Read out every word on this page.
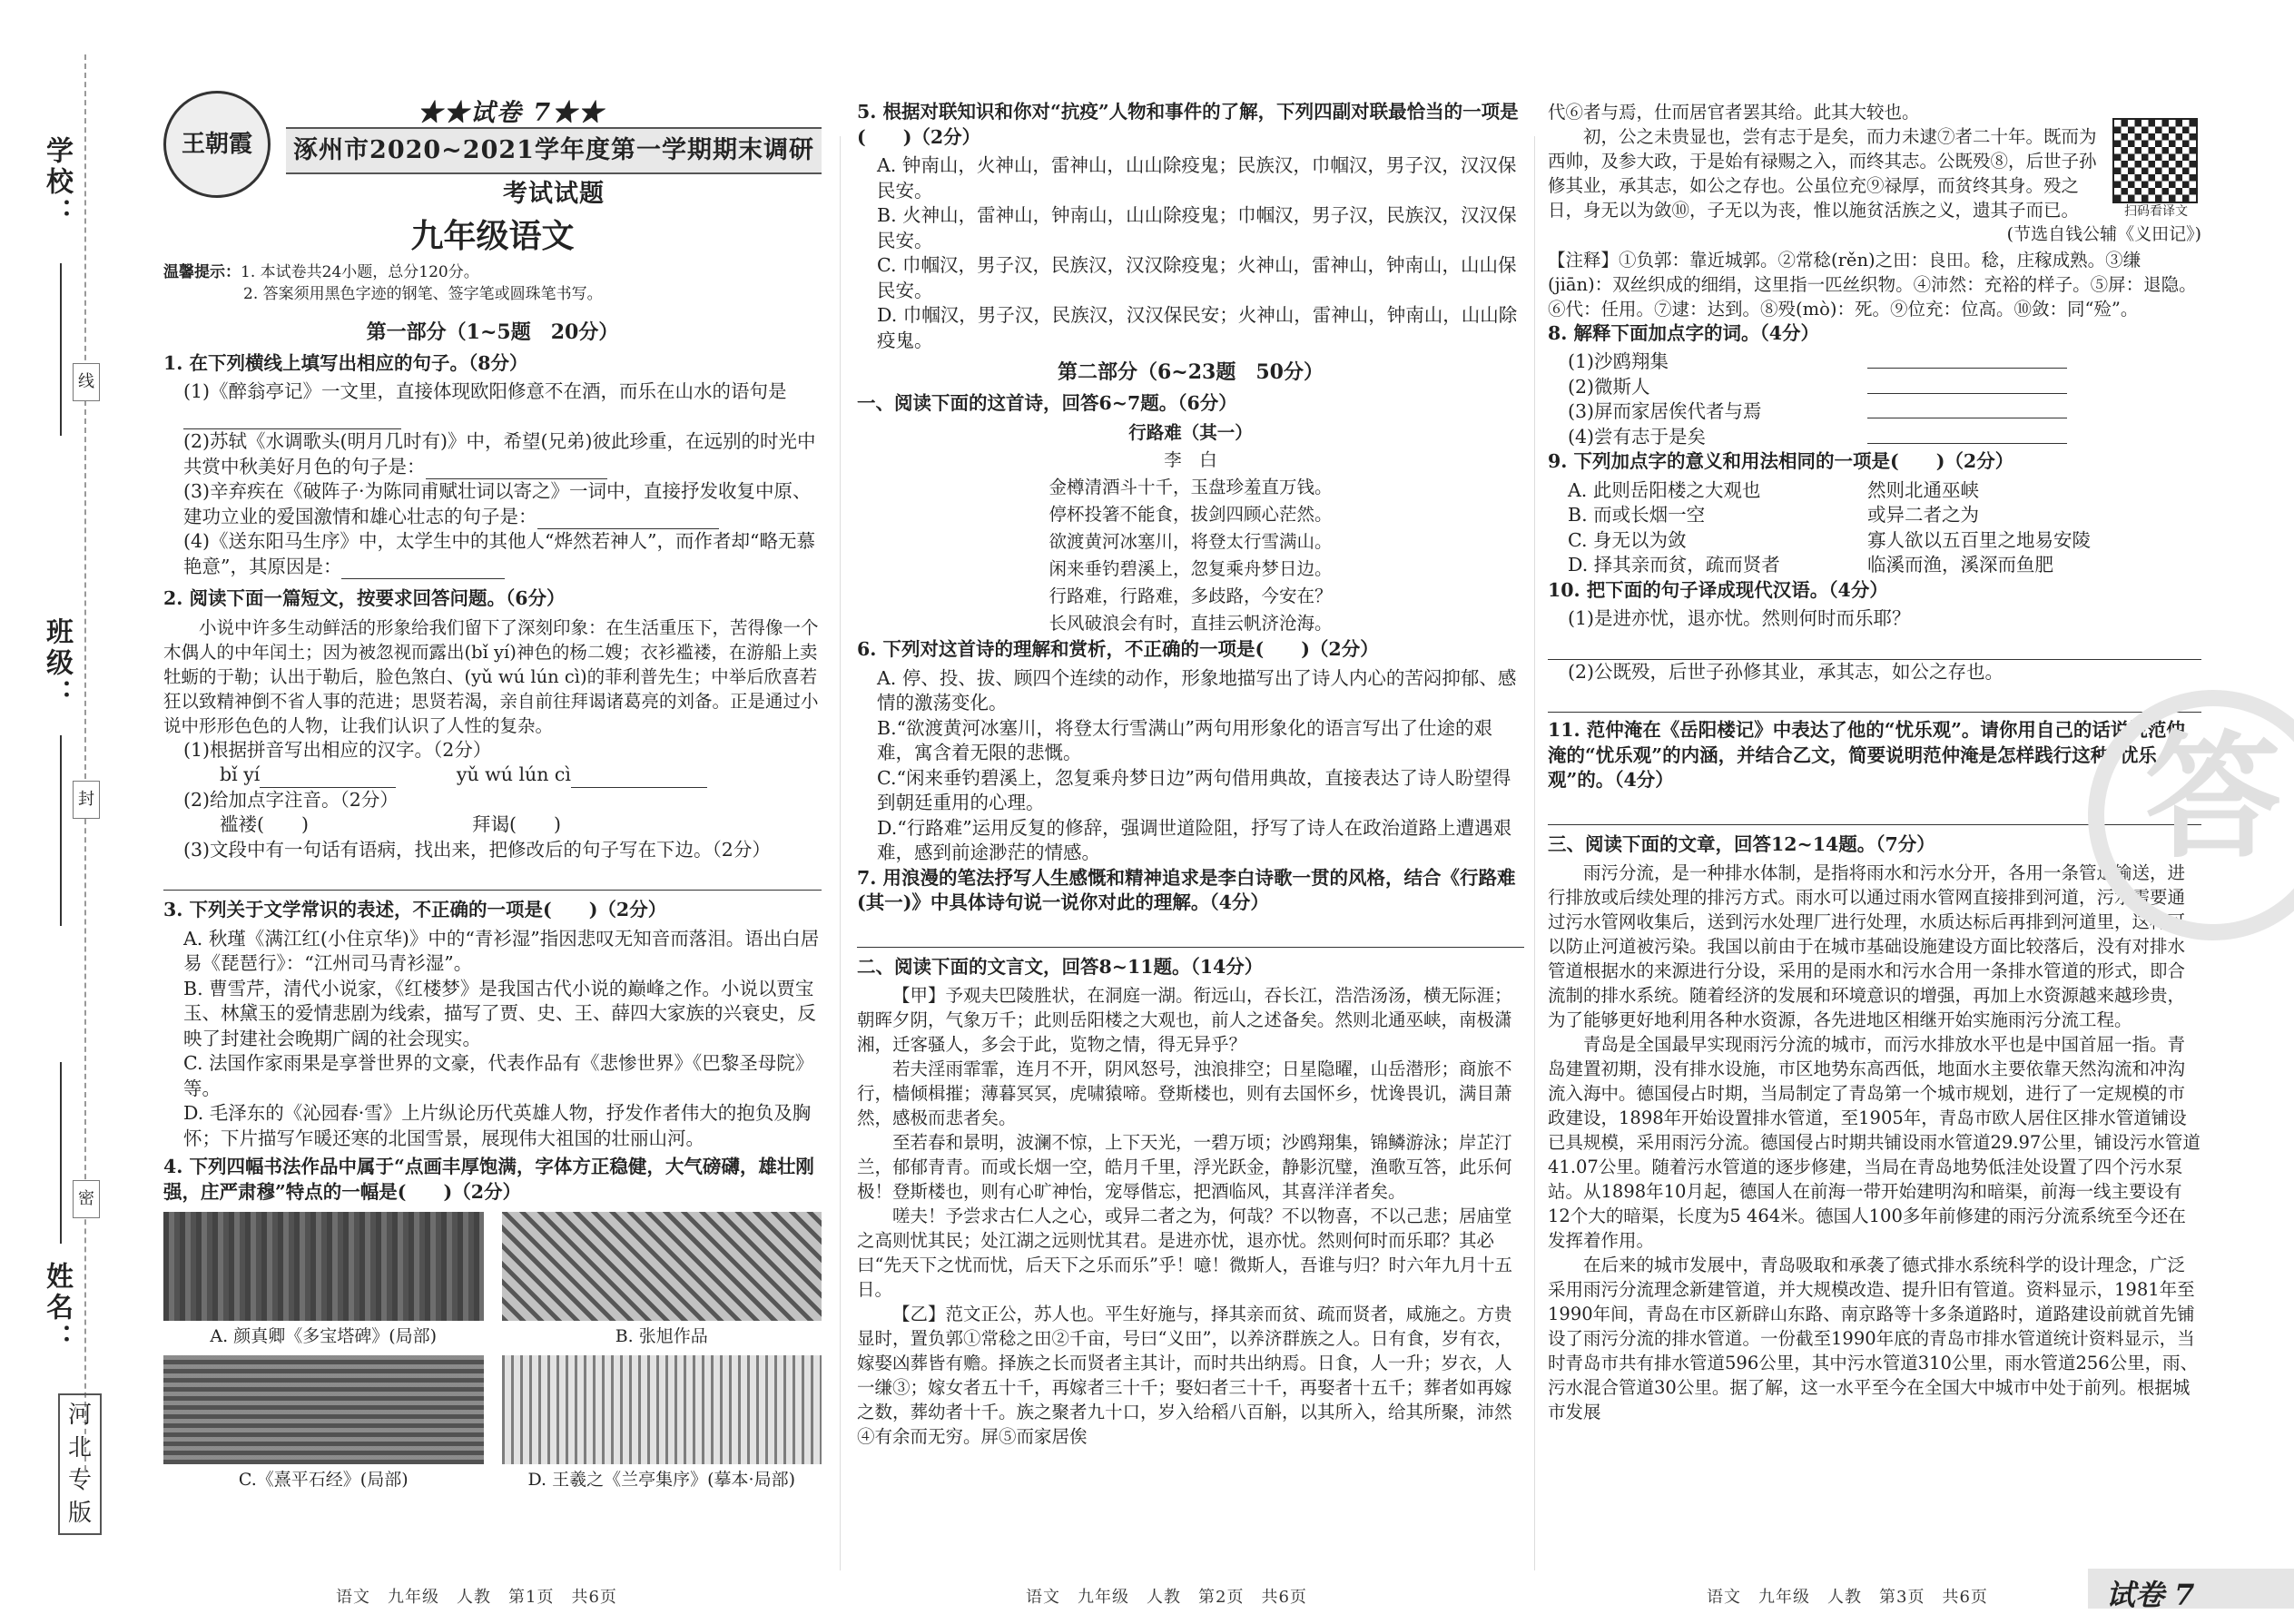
学校：
线
班级：
封
密
姓名：
河北专版
王朝霞
★★试卷 7★★
涿州市2020~2021学年度第一学期期末调研考试试题
九年级语文
温馨提示：1. 本试卷共24小题，总分120分。
2. 答案须用黑色字迹的钢笔、签字笔或圆珠笔书写。
第一部分（1~5题　20分）
1. 在下列横线上填写出相应的句子。（8分）
(1)《醉翁亭记》一文里，直接体现欧阳修意不在酒，而乐在山水的语句是
(2)苏轼《水调歌头(明月几时有)》中，希望(兄弟)彼此珍重，在远别的时光中共赏中秋美好月色的句子是：
(3)辛弃疾在《破阵子·为陈同甫赋壮词以寄之》一词中，直接抒发收复中原、建功立业的爱国激情和雄心壮志的句子是：
(4)《送东阳马生序》中，太学生中的其他人“烨然若神人”，而作者却“略无慕艳意”，其原因是：
2. 阅读下面一篇短文，按要求回答问题。（6分）
小说中许多生动鲜活的形象给我们留下了深刻印象：在生活重压下，苦得像一个木偶人的中年闰土；因为被忽视而露出(bǐ yí)神色的杨二嫂；衣衫褴褛，在游船上卖牡蛎的于勒；认出于勒后，脸色煞白、(yǔ wú lún cì)的菲利普先生；中举后欣喜若狂以致精神倒不省人事的范进；思贤若渴，亲自前往拜谒诸葛亮的刘备。正是通过小说中形形色色的人物，让我们认识了人性的复杂。
(1)根据拼音写出相应的汉字。（2分）
bǐ yí	yǔ wú lún cì
(2)给加点字注音。（2分）
褴褛(　　)	拜谒(　　)
(3)文段中有一句话有语病，找出来，把修改后的句子写在下边。（2分）
3. 下列关于文学常识的表述，不正确的一项是(　　)（2分）
A. 秋瑾《满江红(小住京华)》中的“青衫湿”指因悲叹无知音而落泪。语出白居易《琵琶行》：“江州司马青衫湿”。
B. 曹雪芹，清代小说家，《红楼梦》是我国古代小说的巅峰之作。小说以贾宝玉、林黛玉的爱情悲剧为线索，描写了贾、史、王、薛四大家族的兴衰史，反映了封建社会晚期广阔的社会现实。
C. 法国作家雨果是享誉世界的文豪，代表作品有《悲惨世界》《巴黎圣母院》等。
D. 毛泽东的《沁园春·雪》上片纵论历代英雄人物，抒发作者伟大的抱负及胸怀；下片描写乍暖还寒的北国雪景，展现伟大祖国的壮丽山河。
4. 下列四幅书法作品中属于“点画丰厚饱满，字体方正稳健，大气磅礴，雄壮刚强，庄严肃穆”特点的一幅是(　　)（2分）
A. 颜真卿《多宝塔碑》(局部)	B. 张旭作品
C.《熹平石经》(局部)	D. 王羲之《兰亭集序》(摹本·局部)
5. 根据对联知识和你对“抗疫”人物和事件的了解，下列四副对联最恰当的一项是(　　)（2分）
A. 钟南山，火神山，雷神山，山山除疫鬼；民族汉，巾帼汉，男子汉，汉汉保民安。
B. 火神山，雷神山，钟南山，山山除疫鬼；巾帼汉，男子汉，民族汉，汉汉保民安。
C. 巾帼汉，男子汉，民族汉，汉汉除疫鬼；火神山，雷神山，钟南山，山山保民安。
D. 巾帼汉，男子汉，民族汉，汉汉保民安；火神山，雷神山，钟南山，山山除疫鬼。
第二部分（6~23题　50分）
一、阅读下面的这首诗，回答6~7题。（6分）
行路难（其一）
李　白
金樽清酒斗十千，玉盘珍羞直万钱。
停杯投箸不能食，拔剑四顾心茫然。
欲渡黄河冰塞川，将登太行雪满山。
闲来垂钓碧溪上，忽复乘舟梦日边。
行路难，行路难，多歧路，今安在？
长风破浪会有时，直挂云帆济沧海。
6. 下列对这首诗的理解和赏析，不正确的一项是(　　)（2分）
A. 停、投、拔、顾四个连续的动作，形象地描写出了诗人内心的苦闷抑郁、感情的激荡变化。
B.“欲渡黄河冰塞川，将登太行雪满山”两句用形象化的语言写出了仕途的艰难，寓含着无限的悲慨。
C.“闲来垂钓碧溪上，忽复乘舟梦日边”两句借用典故，直接表达了诗人盼望得到朝廷重用的心理。
D.“行路难”运用反复的修辞，强调世道险阻，抒写了诗人在政治道路上遭遇艰难，感到前途渺茫的情感。
7. 用浪漫的笔法抒写人生感慨和精神追求是李白诗歌一贯的风格，结合《行路难(其一)》中具体诗句说一说你对此的理解。（4分）
二、阅读下面的文言文，回答8~11题。（14分）
【甲】予观夫巴陵胜状，在洞庭一湖。衔远山，吞长江，浩浩汤汤，横无际涯；朝晖夕阴，气象万千；此则岳阳楼之大观也，前人之述备矣。然则北通巫峡，南极潇湘，迁客骚人，多会于此，览物之情，得无异乎？
若夫淫雨霏霏，连月不开，阴风怒号，浊浪排空；日星隐曜，山岳潜形；商旅不行，樯倾楫摧；薄暮冥冥，虎啸猿啼。登斯楼也，则有去国怀乡，忧谗畏讥，满目萧然，感极而悲者矣。
至若春和景明，波澜不惊，上下天光，一碧万顷；沙鸥翔集，锦鳞游泳；岸芷汀兰，郁郁青青。而或长烟一空，皓月千里，浮光跃金，静影沉璧，渔歌互答，此乐何极！登斯楼也，则有心旷神怡，宠辱偕忘，把酒临风，其喜洋洋者矣。
嗟夫！予尝求古仁人之心，或异二者之为，何哉？不以物喜，不以己悲；居庙堂之高则忧其民；处江湖之远则忧其君。是进亦忧，退亦忧。然则何时而乐耶？其必曰“先天下之忧而忧，后天下之乐而乐”乎！噫！微斯人，吾谁与归？时六年九月十五日。
【乙】范文正公，苏人也。平生好施与，择其亲而贫、疏而贤者，咸施之。方贵显时，置负郭①常稔之田②千亩，号曰“义田”，以养济群族之人。日有食，岁有衣，嫁娶凶葬皆有赡。择族之长而贤者主其计，而时共出纳焉。日食，人一升；岁衣，人一缣③；嫁女者五十千，再嫁者三十千；娶妇者三十千，再娶者十五千；葬者如再嫁之数，葬幼者十千。族之聚者九十口，岁入给稻八百斛，以其所入，给其所聚，沛然④有余而无穷。屏⑤而家居俟
代⑥者与焉，仕而居官者罢其给。此其大较也。
初，公之未贵显也，尝有志于是矣，而力未逮⑦者二十年。既而为西帅，及参大政，于是始有禄赐之入，而终其志。公既殁⑧，后世子孙修其业，承其志，如公之存也。公虽位充⑨禄厚，而贫终其身。殁之日，身无以为敛⑩，子无以为丧，惟以施贫活族之义，遗其子而已。
(节选自钱公辅《义田记》)
【注释】①负郭：靠近城郭。②常稔(rěn)之田：良田。稔，庄稼成熟。③缣(jiān)：双丝织成的细绢，这里指一匹丝织物。④沛然：充裕的样子。⑤屏：退隐。⑥代：任用。⑦逮：达到。⑧殁(mò)：死。⑨位充：位高。⑩敛：同“殓”。
8. 解释下面加点字的词。（4分）
(1)沙鸥翔集
(2)微斯人
(3)屏而家居俟代者与焉
(4)尝有志于是矣
9. 下列加点字的意义和用法相同的一项是(　　)（2分）
A. 此则岳阳楼之大观也	然则北通巫峡
B. 而或长烟一空	或异二者之为
C. 身无以为敛	寡人欲以五百里之地易安陵
D. 择其亲而贫，疏而贤者	临溪而渔，溪深而鱼肥
10. 把下面的句子译成现代汉语。（4分）
(1)是进亦忧，退亦忧。然则何时而乐耶？
(2)公既殁，后世子孙修其业，承其志，如公之存也。
11. 范仲淹在《岳阳楼记》中表达了他的“忧乐观”。请你用自己的话说说范仲淹的“忧乐观”的内涵，并结合乙文，简要说明范仲淹是怎样践行这种“忧乐观”的。（4分）
三、阅读下面的文章，回答12~14题。（7分）
雨污分流，是一种排水体制，是指将雨水和污水分开，各用一条管道输送，进行排放或后续处理的排污方式。雨水可以通过雨水管网直接排到河道，污水需要通过污水管网收集后，送到污水处理厂进行处理，水质达标后再排到河道里，这样可以防止河道被污染。我国以前由于在城市基础设施建设方面比较落后，没有对排水管道根据水的来源进行分设，采用的是雨水和污水合用一条排水管道的形式，即合流制的排水系统。随着经济的发展和环境意识的增强，再加上水资源越来越珍贵，为了能够更好地利用各种水资源，各先进地区相继开始实施雨污分流工程。
青岛是全国最早实现雨污分流的城市，而污水排放水平也是中国首屈一指。青岛建置初期，没有排水设施，市区地势东高西低，地面水主要依靠天然沟流和冲沟流入海中。德国侵占时期，当局制定了青岛第一个城市规划，进行了一定规模的市政建设，1898年开始设置排水管道，至1905年，青岛市欧人居住区排水管道铺设已具规模，采用雨污分流。德国侵占时期共铺设雨水管道29.97公里，铺设污水管道41.07公里。随着污水管道的逐步修建，当局在青岛地势低洼处设置了四个污水泵站。从1898年10月起，德国人在前海一带开始建明沟和暗渠，前海一线主要设有12个大的暗渠，长度为5 464米。德国人100多年前修建的雨污分流系统至今还在发挥着作用。
在后来的城市发展中，青岛吸取和承袭了德式排水系统科学的设计理念，广泛采用雨污分流理念新建管道，并大规模改造、提升旧有管道。资料显示，1981年至1990年间，青岛在市区新辟山东路、南京路等十多条道路时，道路建设前就首先铺设了雨污分流的排水管道。一份截至1990年底的青岛市排水管道统计资料显示，当时青岛市共有排水管道596公里，其中污水管道310公里，雨水管道256公里，雨、污水混合管道30公里。据了解，这一水平至今在全国大中城市中处于前列。根据城市发展
扫码看译文
答
语文　九年级　人教　第1页　共6页	语文　九年级　人教　第2页　共6页	语文　九年级　人教　第3页　共6页	试卷 7
